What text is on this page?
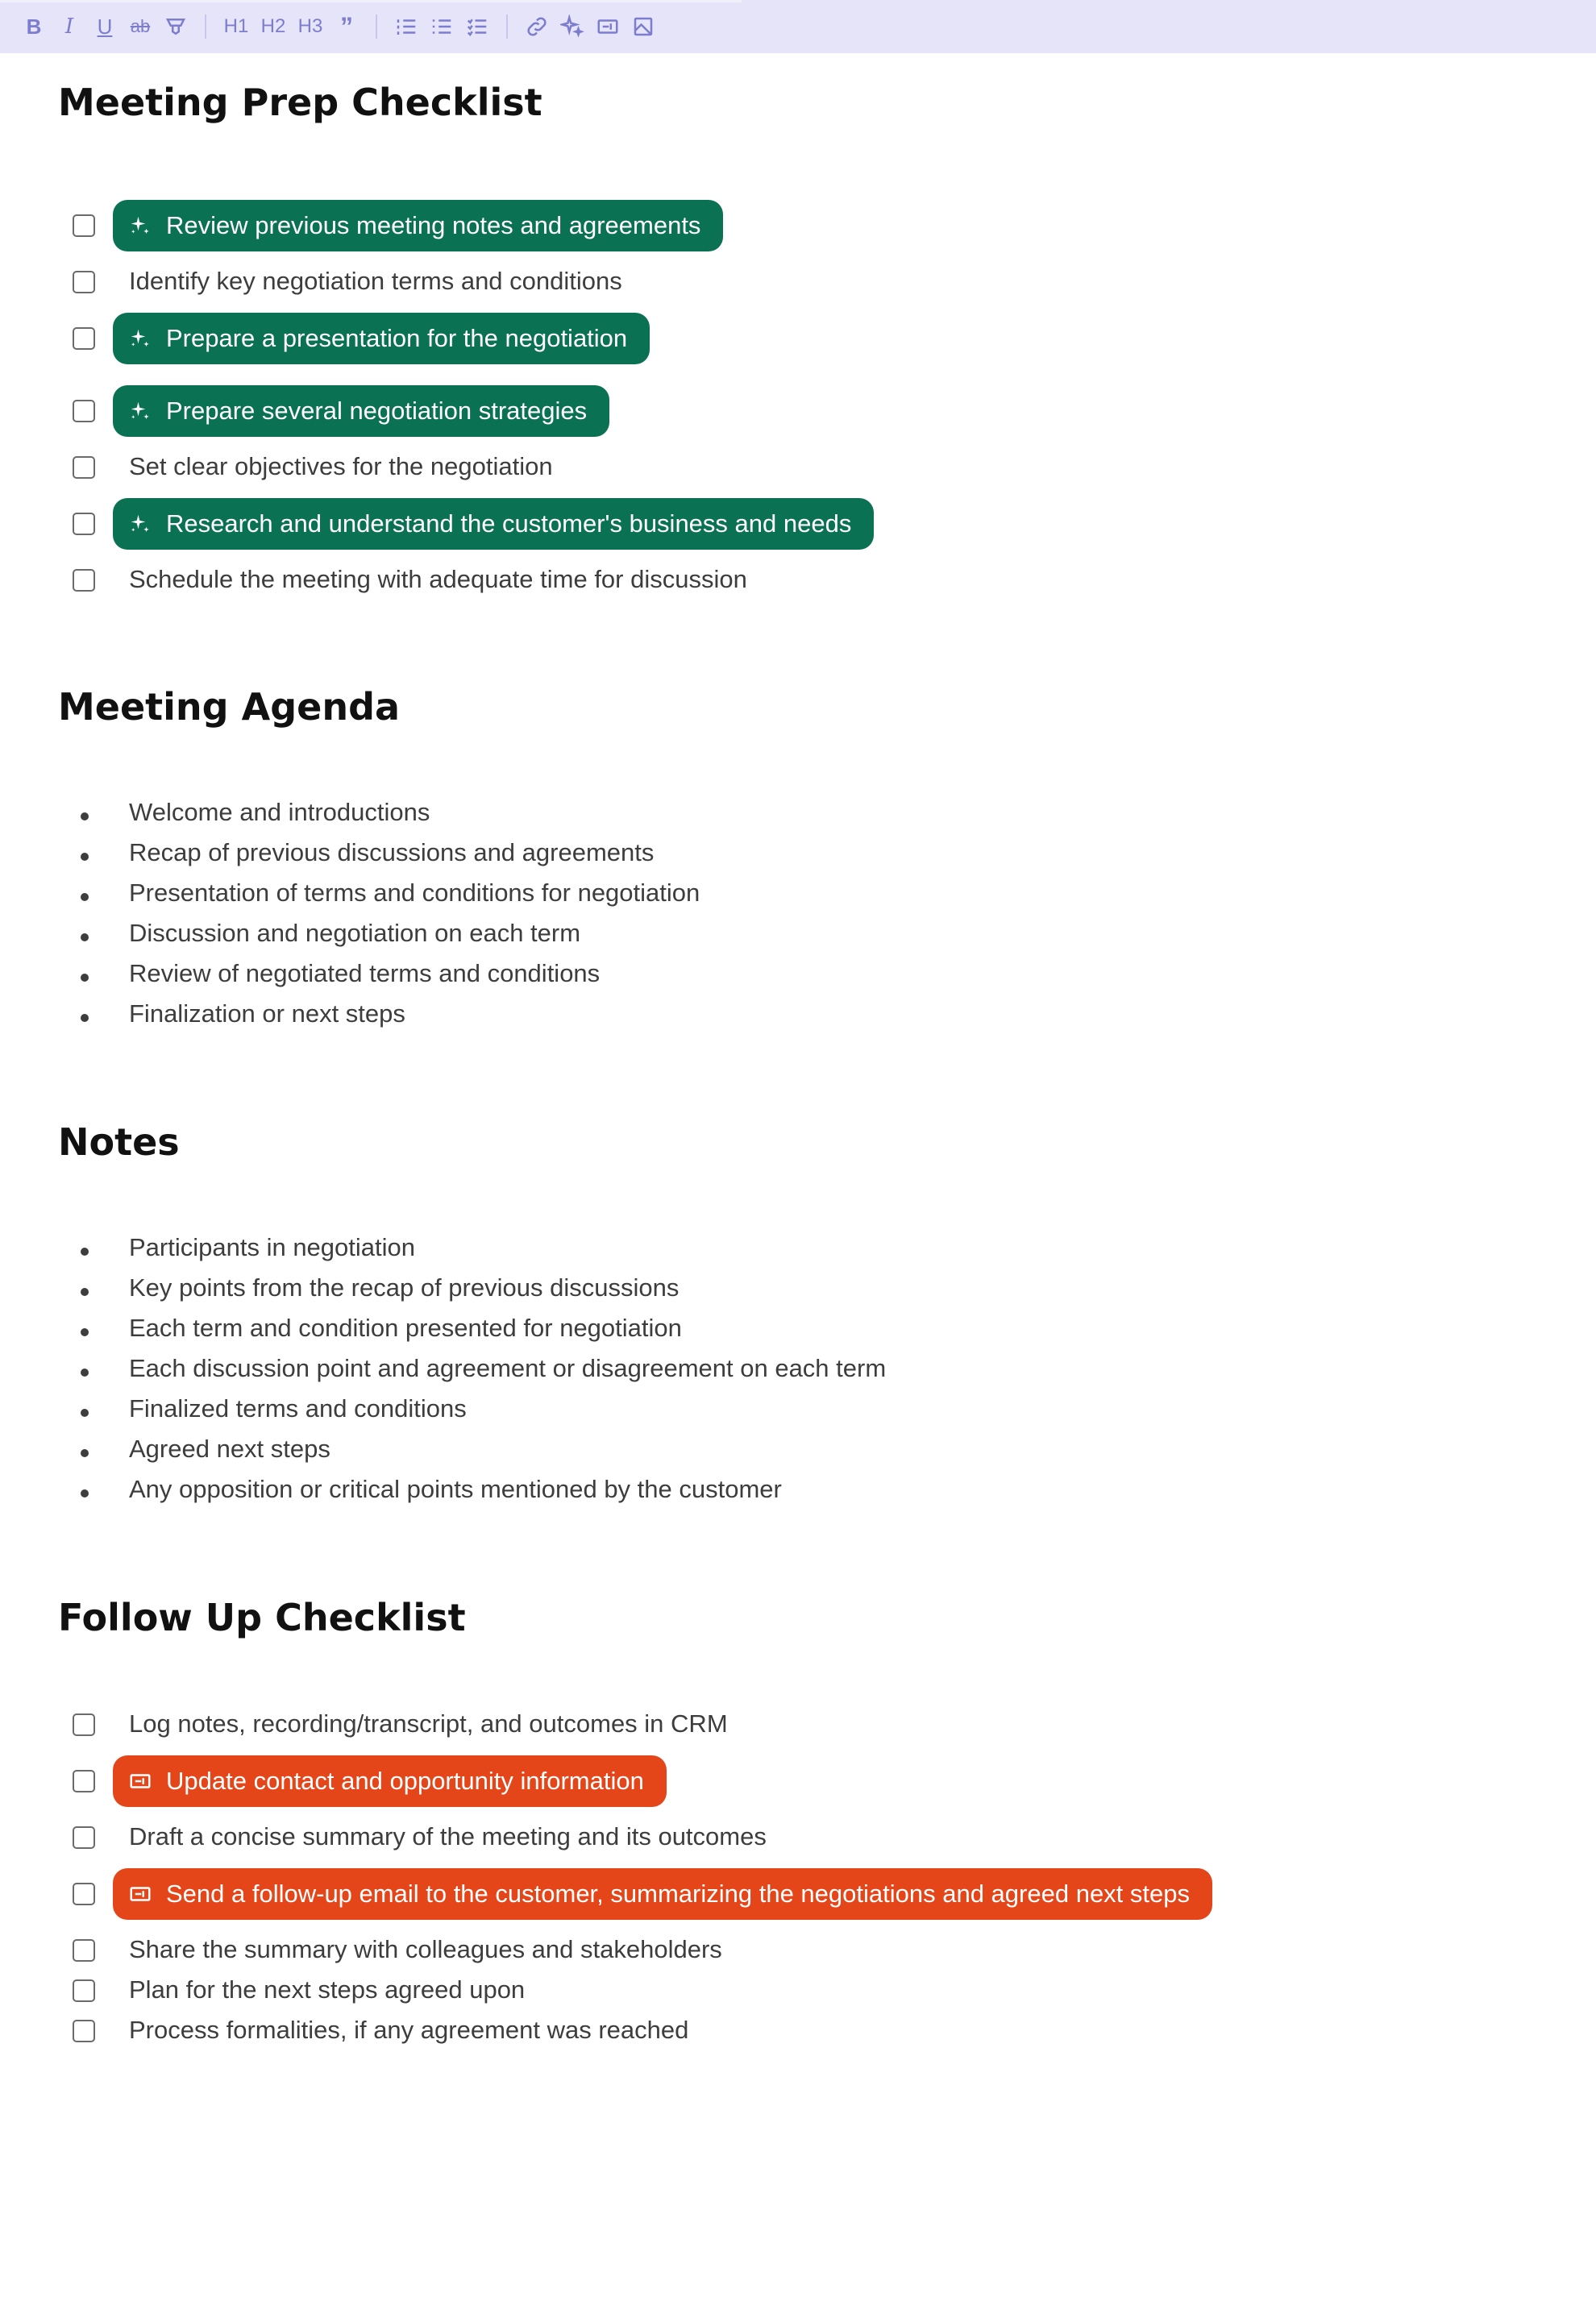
B I U ab	H1 H2 H3 ”
Meeting Prep Checklist
Review previous meeting notes and agreements
Identify key negotiation terms and conditions
Prepare a presentation for the negotiation
Prepare several negotiation strategies
Set clear objectives for the negotiation
Research and understand the customer's business and needs
Schedule the meeting with adequate time for discussion
Meeting Agenda
Welcome and introductions
Recap of previous discussions and agreements
Presentation of terms and conditions for negotiation
Discussion and negotiation on each term
Review of negotiated terms and conditions
Finalization or next steps
Notes
Participants in negotiation
Key points from the recap of previous discussions
Each term and condition presented for negotiation
Each discussion point and agreement or disagreement on each term
Finalized terms and conditions
Agreed next steps
Any opposition or critical points mentioned by the customer
Follow Up Checklist
Log notes, recording/transcript, and outcomes in CRM
Update contact and opportunity information
Draft a concise summary of the meeting and its outcomes
Send a follow-up email to the customer, summarizing the negotiations and agreed next steps
Share the summary with colleagues and stakeholders
Plan for the next steps agreed upon
Process formalities, if any agreement was reached
